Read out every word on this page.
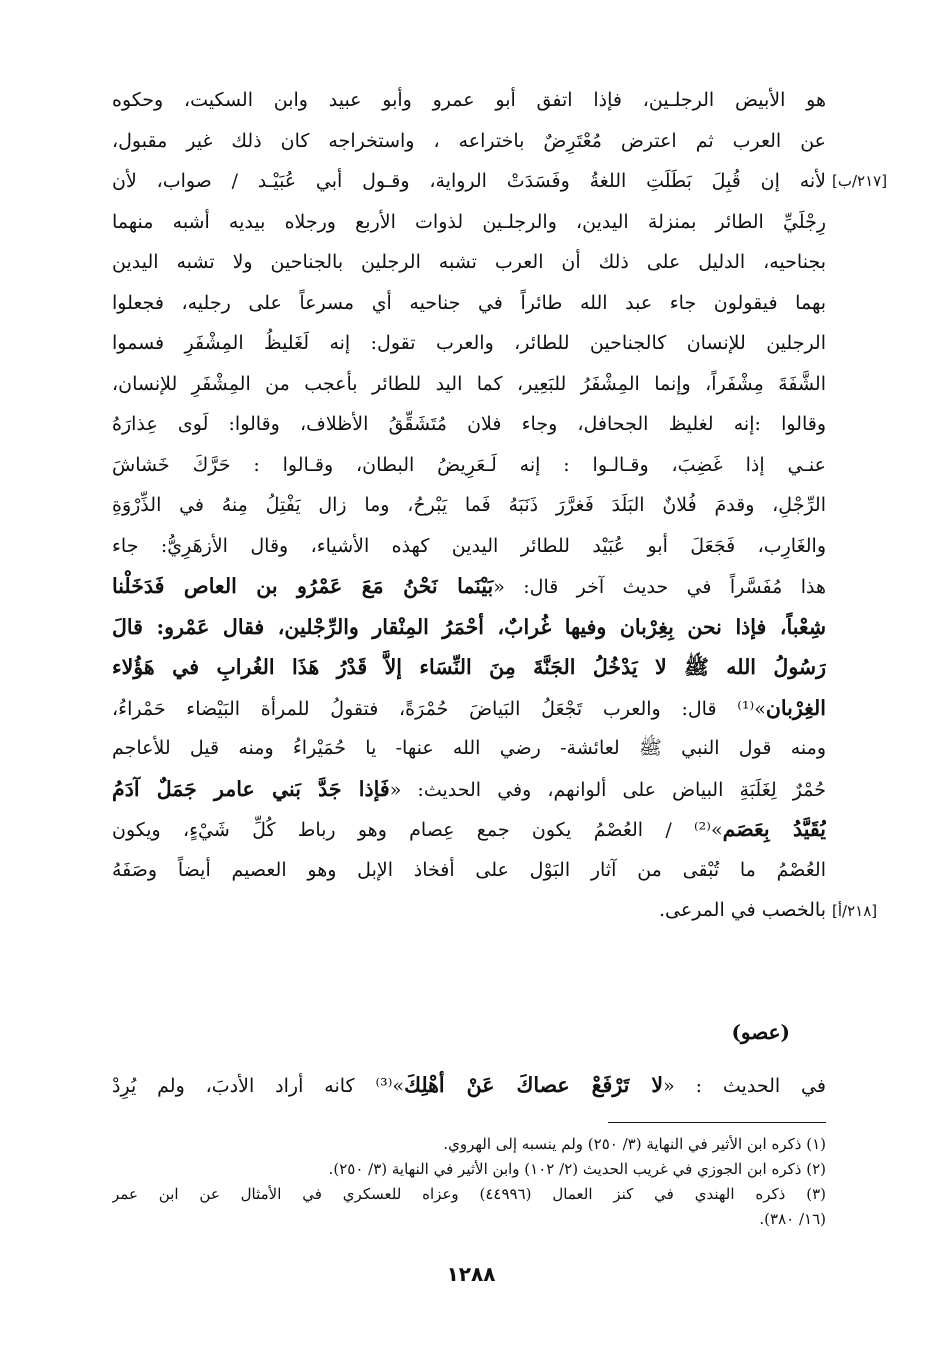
هو الأبيض الرجلـين، فإذا اتفق أبو عمرو وأبو عبيد وابن السكيت، وحكوه
عن العرب ثم اعترض مُعْتَرِضٌ باختراعه ، واستخراجه كان ذلك غير مقبول،
لأنه إن قُبِلَ بَطَلَتِ اللغةُ وفَسَدَتْ الرواية، وقـول أبي عُبَيْـد / صواب، لأن
رِجْلَيِّ الطائر بمنزلة اليدين، والرجلـين لذوات الأربع ورجلاه بيديه أشبه منهما
بجناحيه، الدليل على ذلك أن العرب تشبه الرجلين بالجناحين ولا تشبه اليدين
بهما فيقولون جاء عبد الله طائراً في جناحيه أي مسرعاً على رجليه، فجعلوا
الرجلين للإنسان كالجناحين للطائر، والعرب تقول: إنه لَغَليظُ المِشْفَرِ فسموا
الشَّفَةَ مِشْفَراً، وإنما المِشْفَرُ للبَعِير، كما اليد للطائر بأعجب من المِشْفَرِ للإنسان،
وقالوا :إنه لغليظ الجحافل، وجاء فلان مُتَشَقِّقُ الأظلاف، وقالوا: لَوى عِذارَهُ
عنـي إذا غَضِبَ، وقـالـوا : إنه لَـعَرِيضُ البطان، وقـالوا : حَرَّكَ خَشاشَ
الرِّجْلِ، وقدمَ فُلانٌ البَلَدَ فَغرَّرَ ذَنَبَهُ فَما يَبْرحُ، وما زال يَفْتِلُ مِنهُ في الذِّرْوَةِ
والغَارِب، فَجَعَلَ أبو عُبَيْد للطائر اليدين كهذه الأشياء، وقال الأزهَرِيُّ: جاء
هذا مُفَسَّراً في حديث آخر قال: «بَيْنَما نَحْنُ مَعَ عَمْرُو بن العاص فَدَخَلْنا
شِعْباً، فإذا نحن بِغِرْبان وفيها غُرابٌ، أحْمَرُ المِنْقار والرِّجْلين، فقال عَمْرو: قالَ
رَسُولُ الله ﷺ لا يَدْخُلُ الجَنَّةَ مِنَ النِّسَاء إلاَّ قَدْرُ هَذَا الغُرابِ في هَؤُلاء
الغِرْبان»⁽¹⁾ قال: والعرب تَجْعَلُ البَياضَ حُمْرَةً، فتقولُ للمرأة البَيْضاء حَمْراءُ،
ومنه قول النبي ﷺ لعائشة- رضي الله عنها- يا حُمَيْراءُ ومنه قيل للأعاجم
حُمْرٌ لِغَلَبَةِ البياض على ألوانهم، وفي الحديث: «فَإذا جَدَّ بَني عامر جَمَلٌ آدَمُ
يُقَيَّدُ بِعَصَم»⁽²⁾ / العُصْمُ يكون جمع عِصام وهو رباط كُلِّ شَيْءٍ، ويكون
العُصْمُ ما تُبْقى من آثار البَوْل على أفخاذ الإبل وهو العصيم أيضاً وصَفَهُ
بالخصب في المرعى.
(عصو)
في الحديث : «لا تَرْفَعْ عصاكَ عَنْ أهْلِكَ»⁽³⁾ كانه أراد الأدبَ، ولم يُرِدْ
[٢١٧/ب]
[٢١٨/أ]
(١) ذكره ابن الأثير في النهاية (٣/ ٢٥٠) ولم ينسبه إلى الهروي.
(٢) ذكره ابن الجوزي في غريب الحديث (٢/ ١٠٢) وابن الأثير في النهاية (٣/ ٢٥٠).
(٣) ذكره الهندي في كنز العمال (٤٤٩٩٦) وعزاه للعسكري في الأمثال عن ابن عمر
(١٦/ ٣٨٠).
١٢٨٨
